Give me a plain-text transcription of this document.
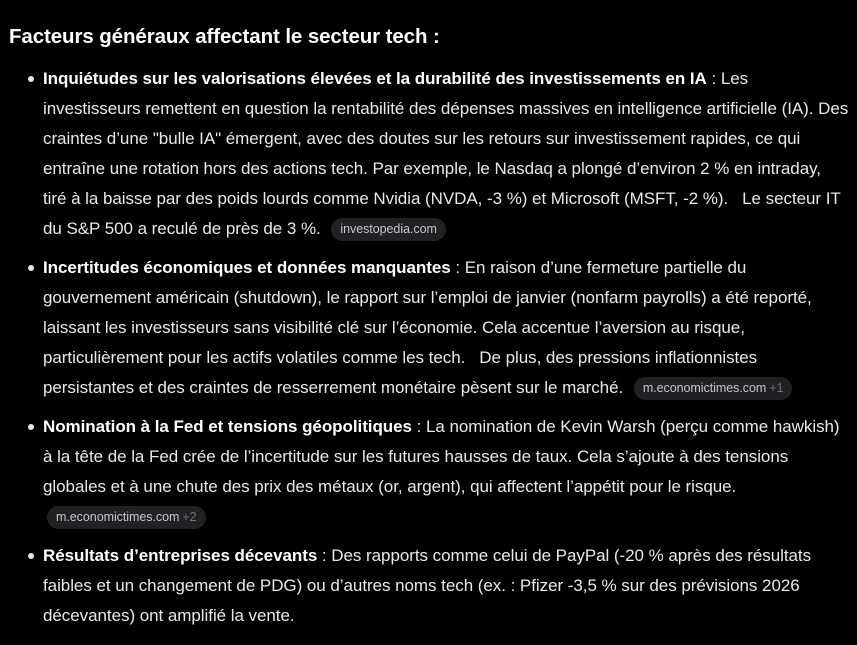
Facteurs généraux affectant le secteur tech :
Inquiétudes sur les valorisations élevées et la durabilité des investissements en IA : Les investisseurs remettent en question la rentabilité des dépenses massives en intelligence artificielle (IA). Des craintes d’une "bulle IA" émergent, avec des doutes sur les retours sur investissement rapides, ce qui entraîne une rotation hors des actions tech. Par exemple, le Nasdaq a plongé d’environ 2 % en intraday, tiré à la baisse par des poids lourds comme Nvidia (NVDA, -3 %) et Microsoft (MSFT, -2 %). Le secteur IT du S&P 500 a reculé de près de 3 %. investopedia.com
Incertitudes économiques et données manquantes : En raison d’une fermeture partielle du gouvernement américain (shutdown), le rapport sur l’emploi de janvier (nonfarm payrolls) a été reporté, laissant les investisseurs sans visibilité clé sur l’économie. Cela accentue l’aversion au risque, particulièrement pour les actifs volatiles comme les tech. De plus, des pressions inflationnistes persistantes et des craintes de resserrement monétaire pèsent sur le marché. m.economictimes.com +1
Nomination à la Fed et tensions géopolitiques : La nomination de Kevin Warsh (perçu comme hawkish) à la tête de la Fed crée de l’incertitude sur les futures hausses de taux. Cela s’ajoute à des tensions globales et à une chute des prix des métaux (or, argent), qui affectent l’appétit pour le risque. m.economictimes.com +2
Résultats d’entreprises décevants : Des rapports comme celui de PayPal (-20 % après des résultats faibles et un changement de PDG) ou d’autres noms tech (ex. : Pfizer -3,5 % sur des prévisions 2026 décevantes) ont amplifié la vente.
